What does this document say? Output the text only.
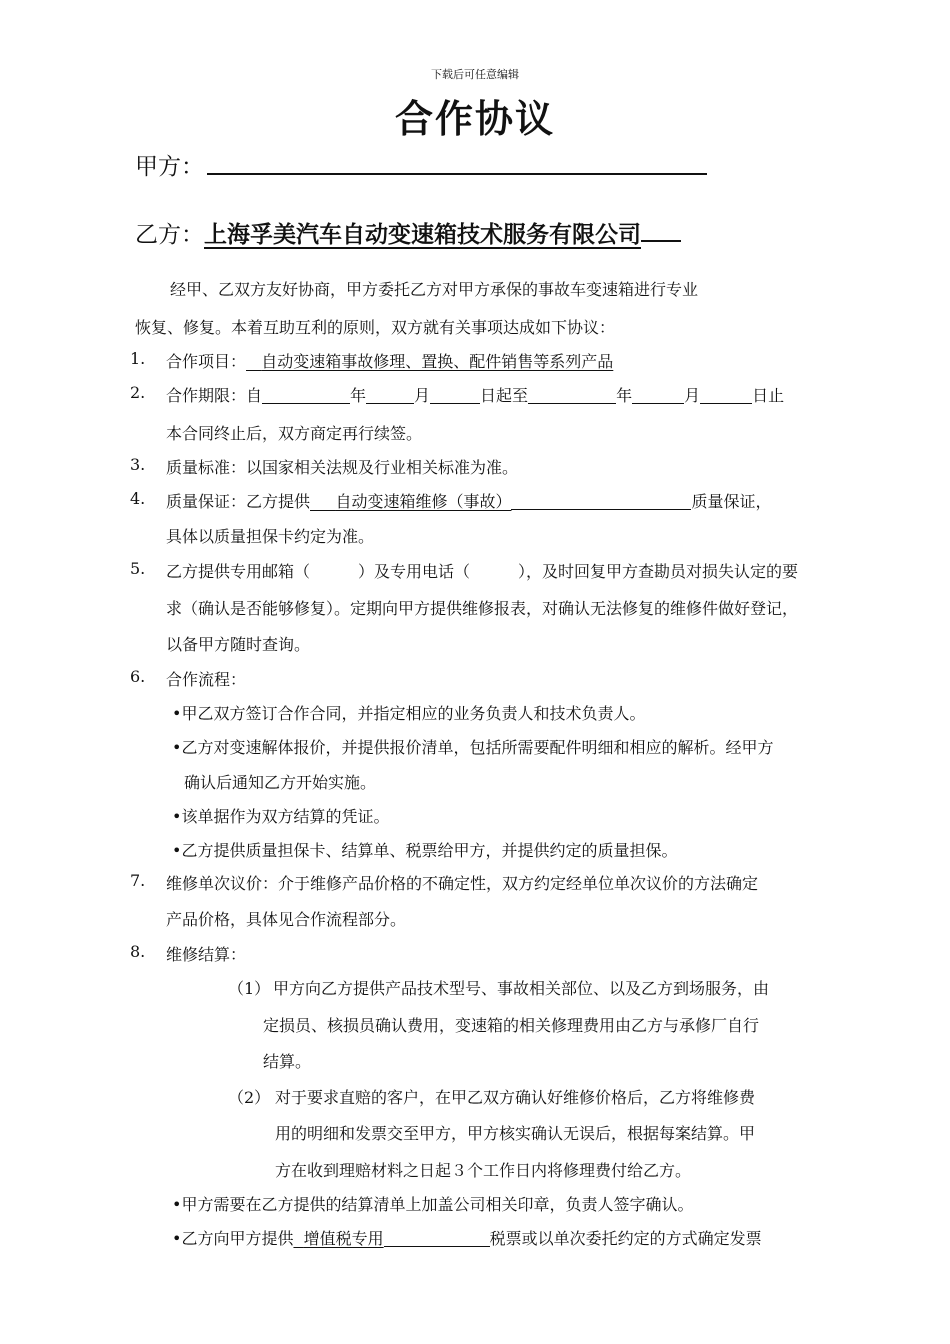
下载后可任意编辑
合作协议
甲方：
乙方：上海孚美汽车自动变速箱技术服务有限公司
经甲、乙双方友好协商，甲方委托乙方对甲方承保的事故车变速箱进行专业
恢复、修复。本着互助互利的原则，双方就有关事项达成如下协议：
1. 合作项目： 自动变速箱事故修理、置换、配件销售等系列产品
2. 合作期限：自	年	月	日起至	年	月	日止
本合同终止后，双方商定再行续签。
3. 质量标准：以国家相关法规及行业相关标准为准。
4. 质量保证：乙方提供 自动变速箱维修（事故）	质量保证，
具体以质量担保卡约定为准。
5. 乙方提供专用邮箱（　　　）及专用电话（　　　），及时回复甲方查勘员对损失认定的要
求（确认是否能够修复）。定期向甲方提供维修报表，对确认无法修复的维修件做好登记，
以备甲方随时查询。
6. 合作流程：
•甲乙双方签订合作合同，并指定相应的业务负责人和技术负责人。
•乙方对变速解体报价，并提供报价清单，包括所需要配件明细和相应的解析。经甲方
确认后通知乙方开始实施。
•该单据作为双方结算的凭证。
•乙方提供质量担保卡、结算单、税票给甲方，并提供约定的质量担保。
7. 维修单次议价：介于维修产品价格的不确定性，双方约定经单位单次议价的方法确定
产品价格，具体见合作流程部分。
8. 维修结算：
（1） 甲方向乙方提供产品技术型号、事故相关部位、以及乙方到场服务，由
定损员、核损员确认费用，变速箱的相关修理费用由乙方与承修厂自行
结算。
（2） 对于要求直赔的客户，在甲乙双方确认好维修价格后，乙方将维修费
用的明细和发票交至甲方，甲方核实确认无误后，根据每案结算。甲
方在收到理赔材料之日起３个工作日内将修理费付给乙方。
•甲方需要在乙方提供的结算清单上加盖公司相关印章，负责人签字确认。
•乙方向甲方提供 增值税专用	税票或以单次委托约定的方式确定发票
